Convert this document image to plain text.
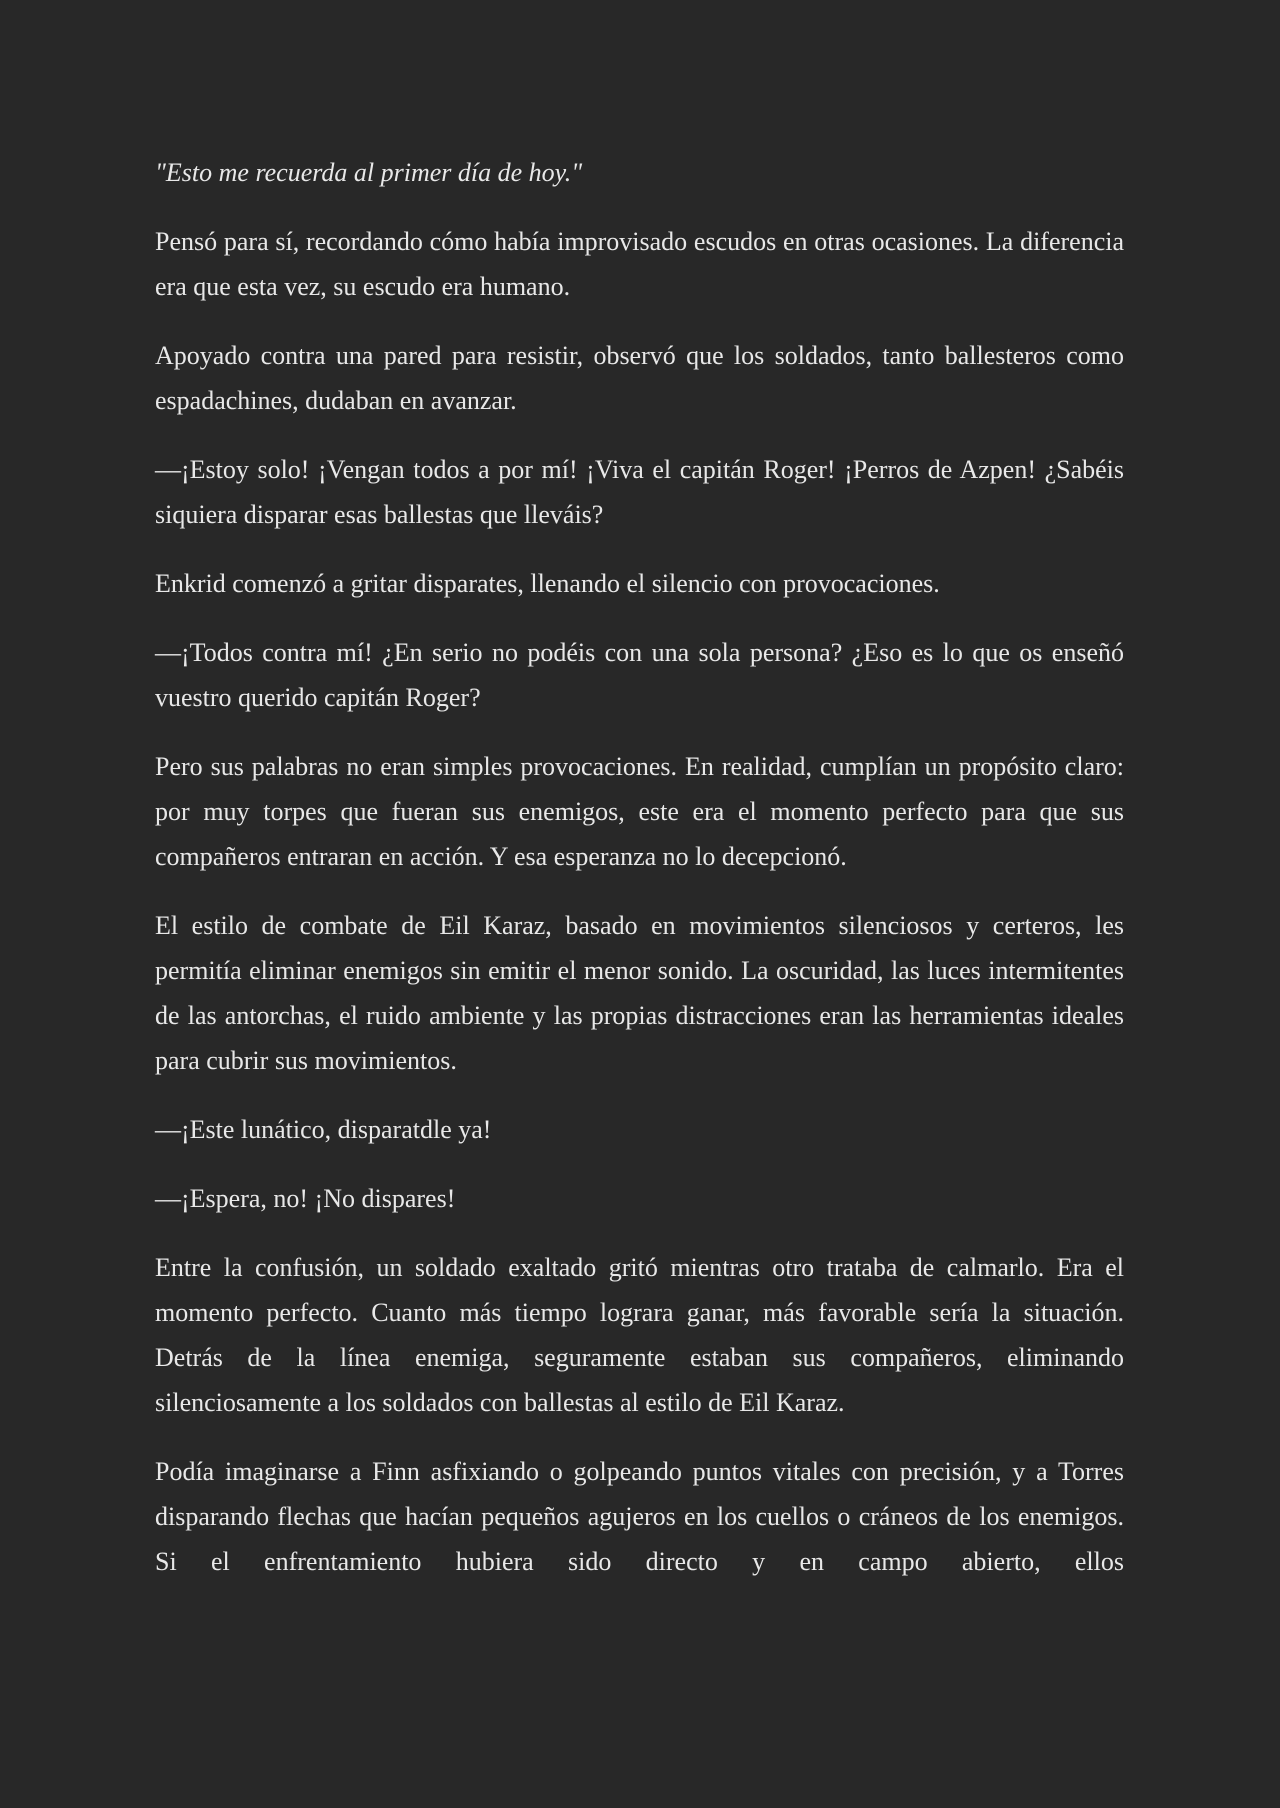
"Esto me recuerda al primer día de hoy."

Pensó para sí, recordando cómo había improvisado escudos en otras ocasiones. La diferencia era que esta vez, su escudo era humano.

Apoyado contra una pared para resistir, observó que los soldados, tanto ballesteros como espadachines, dudaban en avanzar.

—¡Estoy solo! ¡Vengan todos a por mí! ¡Viva el capitán Roger! ¡Perros de Azpen! ¿Sabéis siquiera disparar esas ballestas que lleváis?

Enkrid comenzó a gritar disparates, llenando el silencio con provocaciones.

—¡Todos contra mí! ¿En serio no podéis con una sola persona? ¿Eso es lo que os enseñó vuestro querido capitán Roger?

Pero sus palabras no eran simples provocaciones. En realidad, cumplían un propósito claro: por muy torpes que fueran sus enemigos, este era el momento perfecto para que sus compañeros entraran en acción. Y esa esperanza no lo decepcionó.

El estilo de combate de Eil Karaz, basado en movimientos silenciosos y certeros, les permitía eliminar enemigos sin emitir el menor sonido. La oscuridad, las luces intermitentes de las antorchas, el ruido ambiente y las propias distracciones eran las herramientas ideales para cubrir sus movimientos.

—¡Este lunático, disparatdle ya!

—¡Espera, no! ¡No dispares!

Entre la confusión, un soldado exaltado gritó mientras otro trataba de calmarlo. Era el momento perfecto. Cuanto más tiempo lograra ganar, más favorable sería la situación. Detrás de la línea enemiga, seguramente estaban sus compañeros, eliminando silenciosamente a los soldados con ballestas al estilo de Eil Karaz.

Podía imaginarse a Finn asfixiando o golpeando puntos vitales con precisión, y a Torres disparando flechas que hacían pequeños agujeros en los cuellos o cráneos de los enemigos. Si el enfrentamiento hubiera sido directo y en campo abierto, ellos
